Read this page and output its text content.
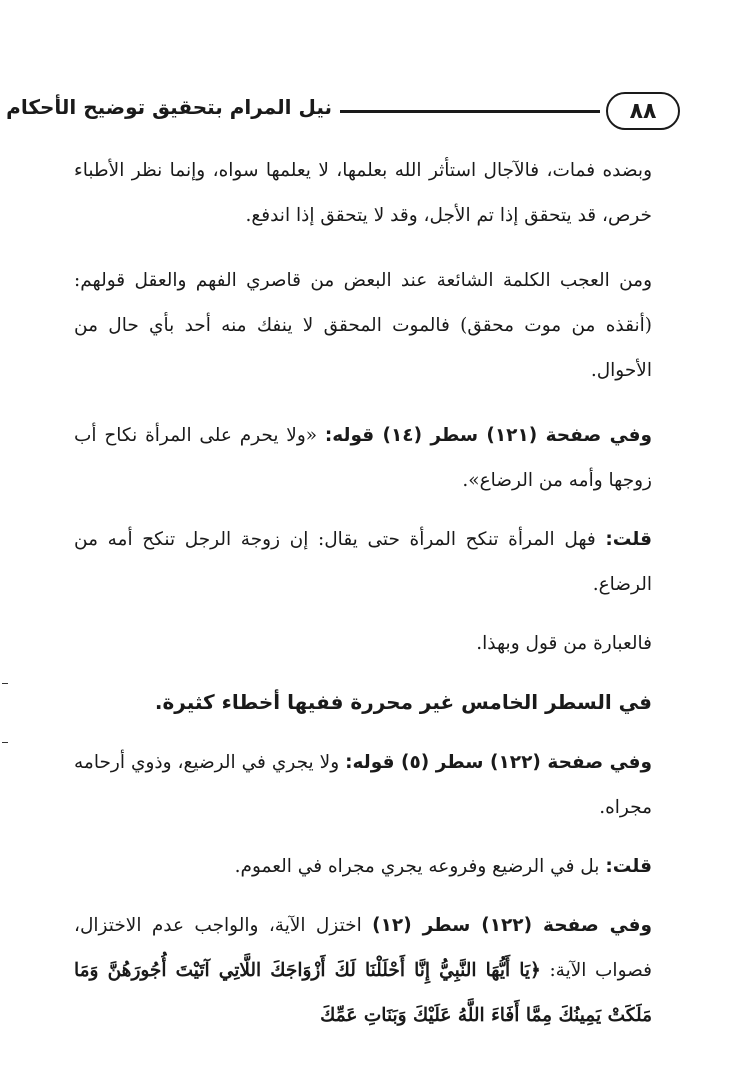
٨٨
نيل المرام بتحقيق توضيح الأحكام

وبضده فمات، فالآجال استأثر الله بعلمها، لا يعلمها سواه، وإنما نظر الأطباء خرص، قد يتحقق إذا تم الأجل، وقد لا يتحقق إذا اندفع.

ومن العجب الكلمة الشائعة عند البعض من قاصري الفهم والعقل قولهم: (أنقذه من موت محقق) فالموت المحقق لا ينفك منه أحد بأي حال من الأحوال.

وفي صفحة (١٢١) سطر (١٤) قوله: «ولا يحرم على المرأة نكاح أب زوجها وأمه من الرضاع».

قلت: فهل المرأة تنكح المرأة حتى يقال: إن زوجة الرجل تنكح أمه من الرضاع.

فالعبارة من قول وبهذا.

في السطر الخامس غير محررة ففيها أخطاء كثيرة.

وفي صفحة (١٢٢) سطر (٥) قوله: ولا يجري في الرضيع، وذوي أرحامه مجراه.

قلت: بل في الرضيع وفروعه يجري مجراه في العموم.

وفي صفحة (١٢٢) سطر (١٢) اختزل الآية، والواجب عدم الاختزال، فصواب الآية: ﴿يَا أَيُّهَا النَّبِيُّ إِنَّا أَحْلَلْنَا لَكَ أَزْوَاجَكَ اللَّاتِي آتَيْتَ أُجُورَهُنَّ وَمَا مَلَكَتْ يَمِينُكَ مِمَّا أَفَاءَ اللَّهُ عَلَيْكَ وَبَنَاتِ عَمِّكَ
